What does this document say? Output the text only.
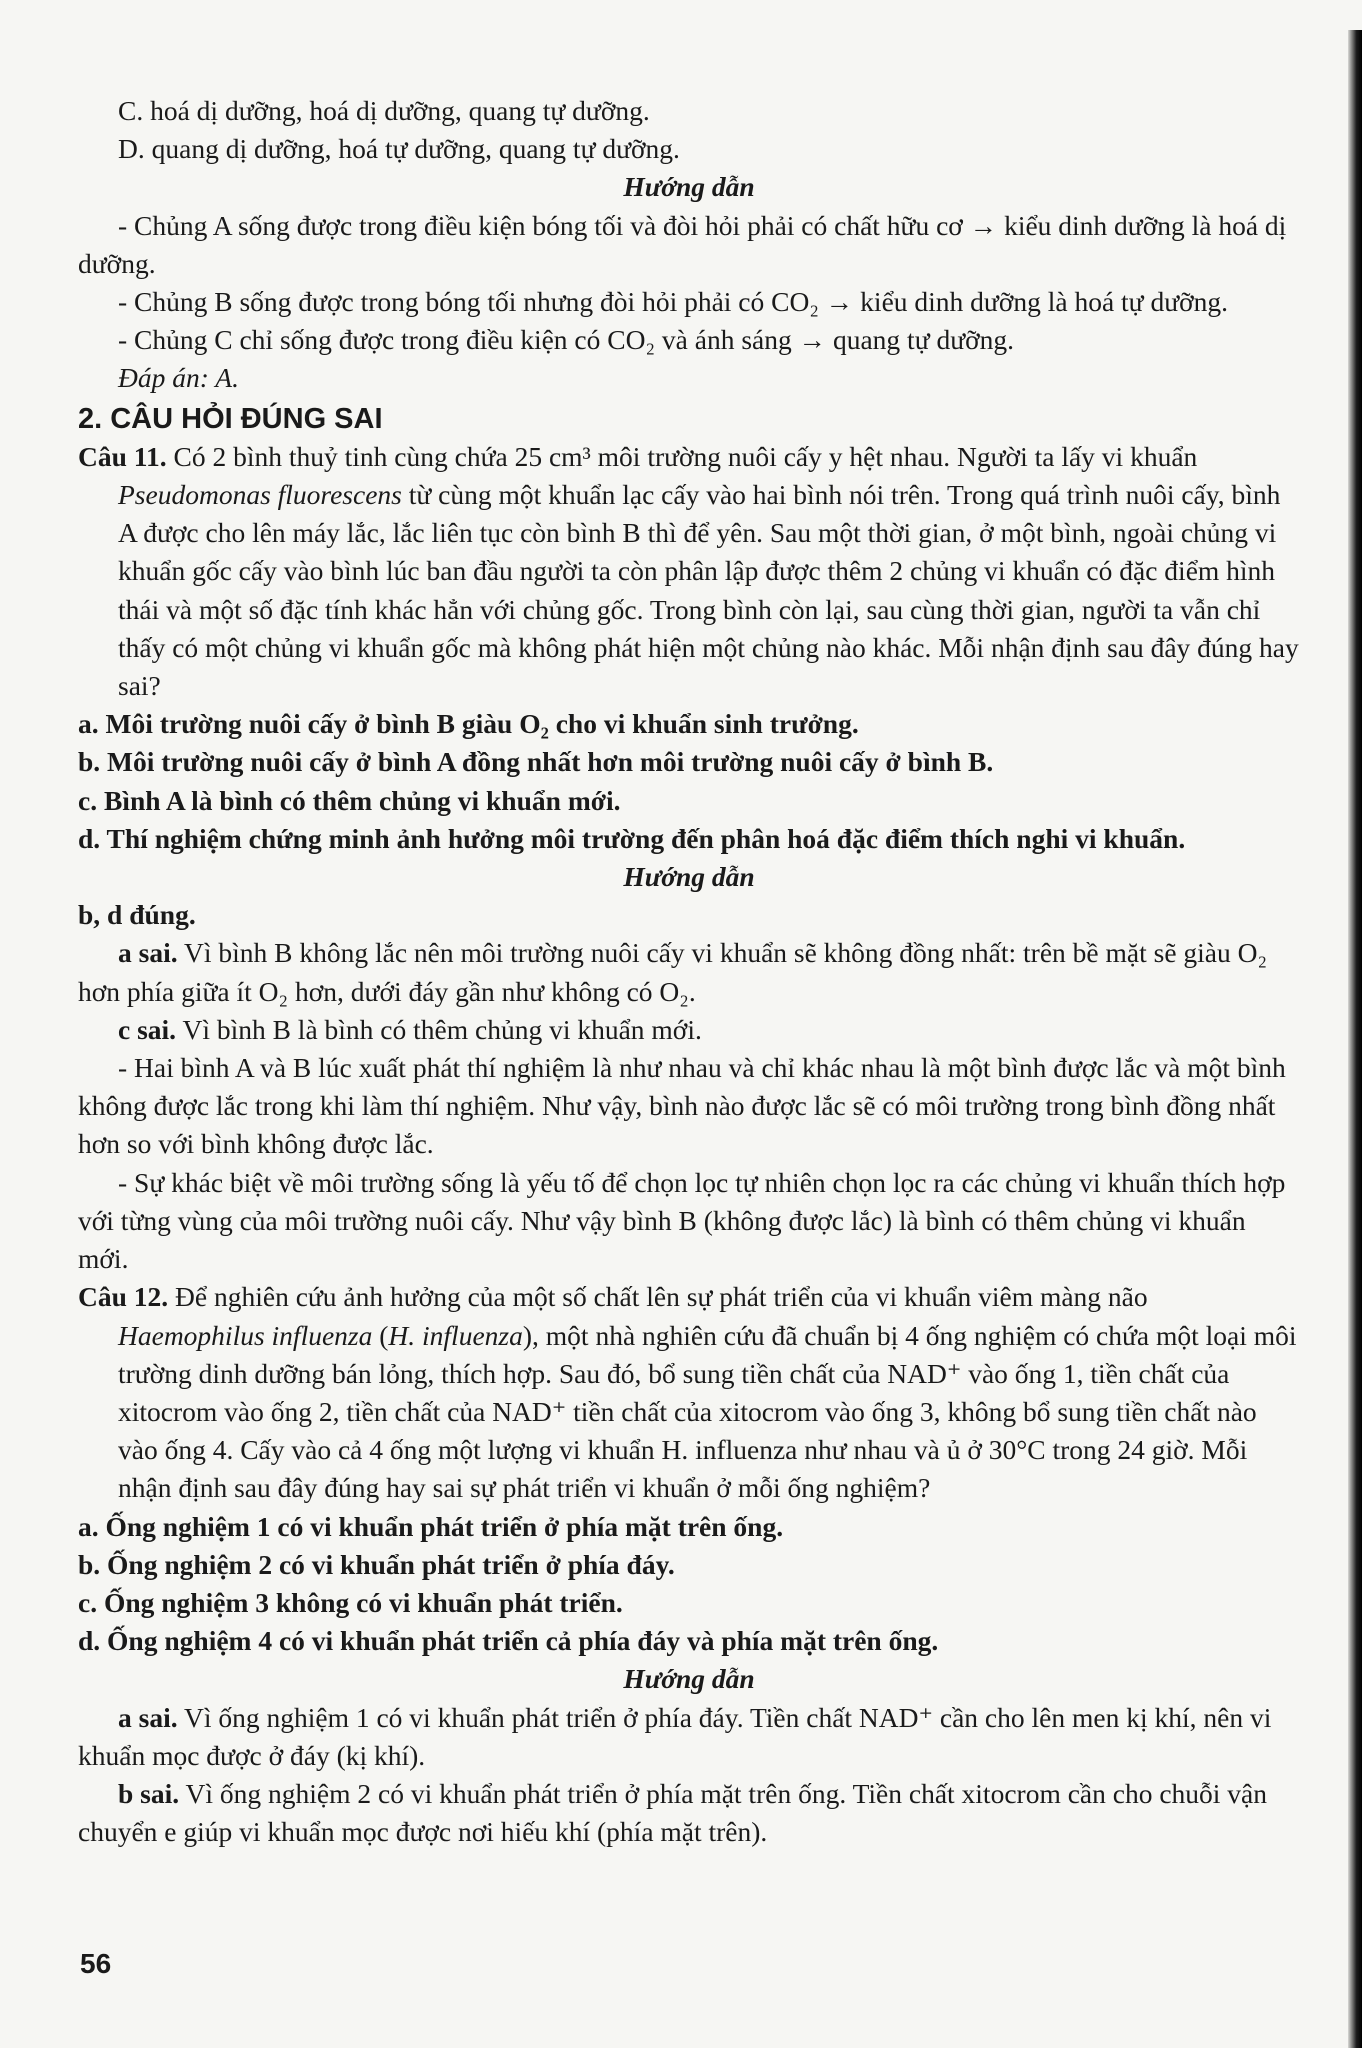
C. hoá dị dưỡng, hoá dị dưỡng, quang tự dưỡng.

D. quang dị dưỡng, hoá tự dưỡng, quang tự dưỡng.

Hướng dẫn

- Chủng A sống được trong điều kiện bóng tối và đòi hỏi phải có chất hữu cơ → kiểu dinh dưỡng là hoá dị dưỡng.

- Chủng B sống được trong bóng tối nhưng đòi hỏi phải có CO₂ → kiểu dinh dưỡng là hoá tự dưỡng.

- Chủng C chỉ sống được trong điều kiện có CO₂ và ánh sáng → quang tự dưỡng.

Đáp án: A.

2. CÂU HỎI ĐÚNG SAI

Câu 11. Có 2 bình thuỷ tinh cùng chứa 25 cm³ môi trường nuôi cấy y hệt nhau. Người ta lấy vi khuẩn Pseudomonas fluorescens từ cùng một khuẩn lạc cấy vào hai bình nói trên. Trong quá trình nuôi cấy, bình A được cho lên máy lắc, lắc liên tục còn bình B thì để yên. Sau một thời gian, ở một bình, ngoài chủng vi khuẩn gốc cấy vào bình lúc ban đầu người ta còn phân lập được thêm 2 chủng vi khuẩn có đặc điểm hình thái và một số đặc tính khác hẳn với chủng gốc. Trong bình còn lại, sau cùng thời gian, người ta vẫn chỉ thấy có một chủng vi khuẩn gốc mà không phát hiện một chủng nào khác. Mỗi nhận định sau đây đúng hay sai?

a. Môi trường nuôi cấy ở bình B giàu O₂ cho vi khuẩn sinh trưởng.

b. Môi trường nuôi cấy ở bình A đồng nhất hơn môi trường nuôi cấy ở bình B.

c. Bình A là bình có thêm chủng vi khuẩn mới.

d. Thí nghiệm chứng minh ảnh hưởng môi trường đến phân hoá đặc điểm thích nghi vi khuẩn.

Hướng dẫn

b, d đúng.

a sai. Vì bình B không lắc nên môi trường nuôi cấy vi khuẩn sẽ không đồng nhất: trên bề mặt sẽ giàu O₂ hơn phía giữa ít O₂ hơn, dưới đáy gần như không có O₂.

c sai. Vì bình B là bình có thêm chủng vi khuẩn mới.

- Hai bình A và B lúc xuất phát thí nghiệm là như nhau và chỉ khác nhau là một bình được lắc và một bình không được lắc trong khi làm thí nghiệm. Như vậy, bình nào được lắc sẽ có môi trường trong bình đồng nhất hơn so với bình không được lắc.

- Sự khác biệt về môi trường sống là yếu tố để chọn lọc tự nhiên chọn lọc ra các chủng vi khuẩn thích hợp với từng vùng của môi trường nuôi cấy. Như vậy bình B (không được lắc) là bình có thêm chủng vi khuẩn mới.

Câu 12. Để nghiên cứu ảnh hưởng của một số chất lên sự phát triển của vi khuẩn viêm màng não Haemophilus influenza (H. influenza), một nhà nghiên cứu đã chuẩn bị 4 ống nghiệm có chứa một loại môi trường dinh dưỡng bán lỏng, thích hợp. Sau đó, bổ sung tiền chất của NAD⁺ vào ống 1, tiền chất của xitocrom vào ống 2, tiền chất của NAD⁺ tiền chất của xitocrom vào ống 3, không bổ sung tiền chất nào vào ống 4. Cấy vào cả 4 ống một lượng vi khuẩn H. influenza như nhau và ủ ở 30°C trong 24 giờ. Mỗi nhận định sau đây đúng hay sai sự phát triển vi khuẩn ở mỗi ống nghiệm?

a. Ống nghiệm 1 có vi khuẩn phát triển ở phía mặt trên ống.

b. Ống nghiệm 2 có vi khuẩn phát triển ở phía đáy.

c. Ống nghiệm 3 không có vi khuẩn phát triển.

d. Ống nghiệm 4 có vi khuẩn phát triển cả phía đáy và phía mặt trên ống.

Hướng dẫn

a sai. Vì ống nghiệm 1 có vi khuẩn phát triển ở phía đáy. Tiền chất NAD⁺ cần cho lên men kị khí, nên vi khuẩn mọc được ở đáy (kị khí).

b sai. Vì ống nghiệm 2 có vi khuẩn phát triển ở phía mặt trên ống. Tiền chất xitocrom cần cho chuỗi vận chuyển e giúp vi khuẩn mọc được nơi hiếu khí (phía mặt trên).

56
